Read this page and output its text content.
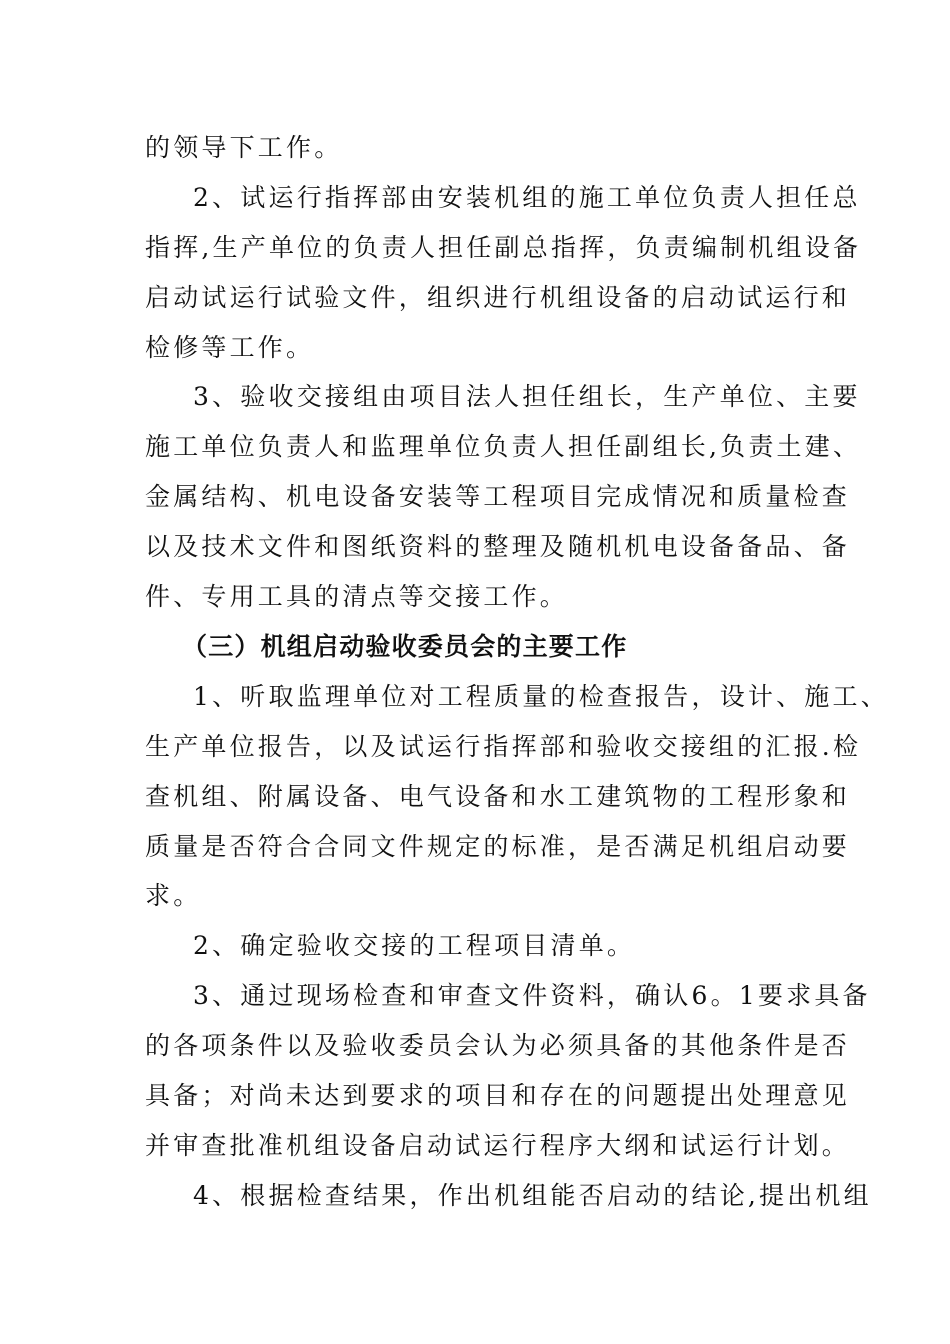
的领导下工作。
2、试运行指挥部由安装机组的施工单位负责人担任总
指挥,生产单位的负责人担任副总指挥，负责编制机组设备
启动试运行试验文件，组织进行机组设备的启动试运行和
检修等工作。
3、验收交接组由项目法人担任组长，生产单位、主要
施工单位负责人和监理单位负责人担任副组长,负责土建、
金属结构、机电设备安装等工程项目完成情况和质量检查
以及技术文件和图纸资料的整理及随机机电设备备品、备
件、专用工具的清点等交接工作。
（三）机组启动验收委员会的主要工作
1、听取监理单位对工程质量的检查报告，设计、施工、
生产单位报告，以及试运行指挥部和验收交接组的汇报.检
查机组、附属设备、电气设备和水工建筑物的工程形象和
质量是否符合合同文件规定的标准，是否满足机组启动要
求。
2、确定验收交接的工程项目清单。
3、通过现场检查和审查文件资料，确认6。1要求具备
的各项条件以及验收委员会认为必须具备的其他条件是否
具备；对尚未达到要求的项目和存在的问题提出处理意见
并审查批准机组设备启动试运行程序大纲和试运行计划。
4、根据检查结果，作出机组能否启动的结论,提出机组
